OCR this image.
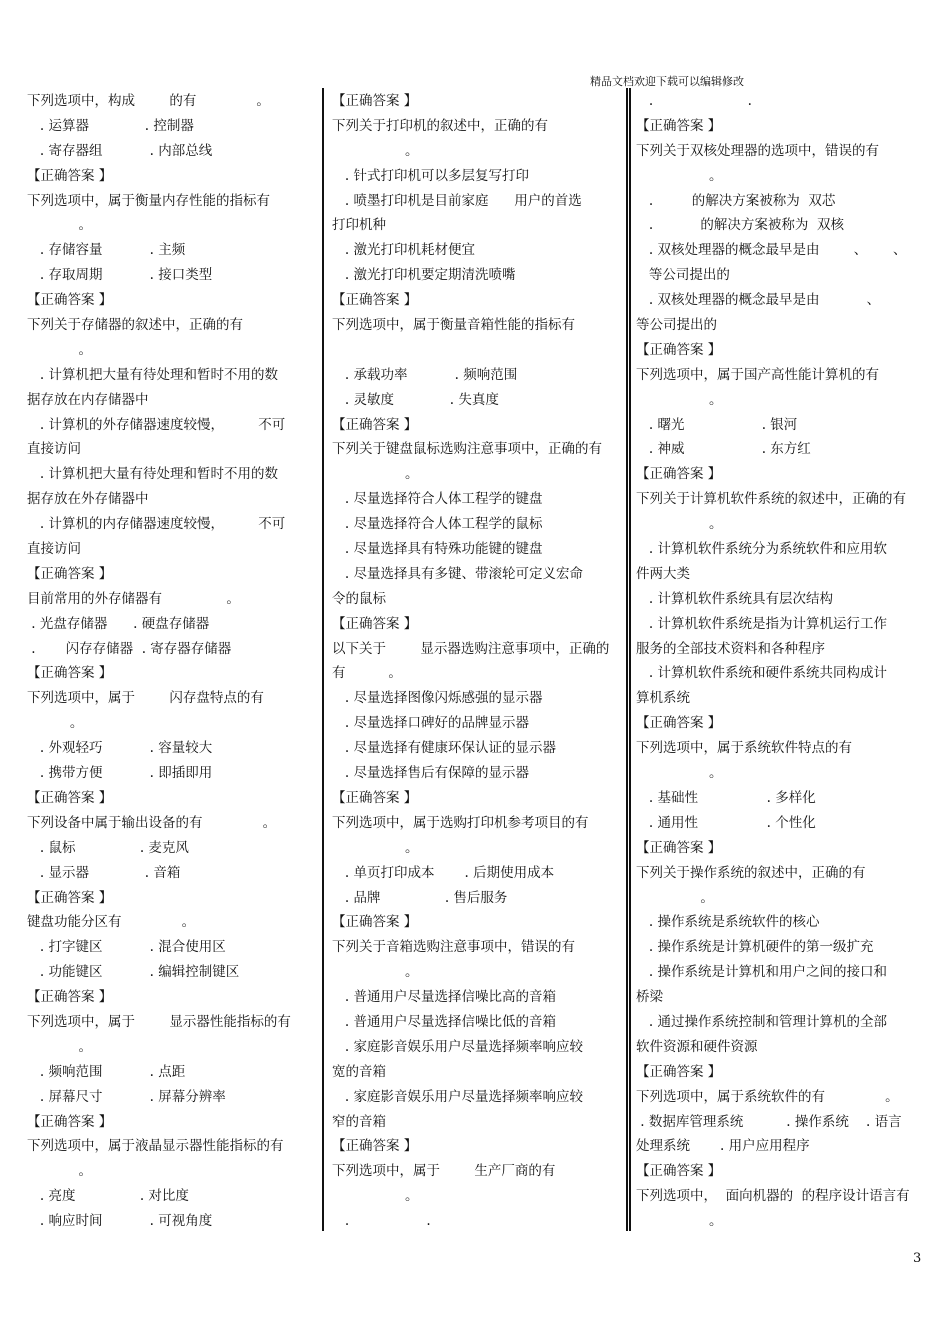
精品文档欢迎下载可以编辑修改
下列选项中，构成        的有              。
. 运算器             . 控制器
. 寄存器组           . 内部总线
【正确答案 】
下列选项中，属于衡量内存性能的指标有
。
. 存储容量           . 主频
. 存取周期           . 接口类型
【正确答案 】
下列关于存储器的叙述中，正确的有
。
. 计算机把大量有待处理和暂时不用的数
据存放在内存储器中
. 计算机的外存储器速度较慢，        不可
直接访问
. 计算机把大量有待处理和暂时不用的数
据存放在外存储器中
. 计算机的内存储器速度较慢，        不可
直接访问
【正确答案 】
目前常用的外存储器有               。
. 光盘存储器      . 硬盘存储器
.       闪存存储器  . 寄存器存储器
【正确答案 】
下列选项中，属于        闪存盘特点的有
。
. 外观轻巧           . 容量较大
. 携带方便           . 即插即用
【正确答案 】
下列设备中属于输出设备的有              。
. 鼠标               . 麦克风
. 显示器             . 音箱
【正确答案 】
键盘功能分区有              。
. 打字键区           . 混合使用区
. 功能键区           . 编辑控制键区
【正确答案 】
下列选项中，属于        显示器性能指标的有
。
. 频响范围           . 点距
. 屏幕尺寸           . 屏幕分辨率
【正确答案 】
下列选项中，属于液晶显示器性能指标的有
。
. 亮度               . 对比度
. 响应时间           . 可视角度
【正确答案 】
下列关于打印机的叙述中，正确的有
。
. 针式打印机可以多层复写打印
. 喷墨打印机是目前家庭      用户的首选
打印机种
. 激光打印机耗材便宜
. 激光打印机要定期清洗喷嘴
【正确答案 】
下列选项中，属于衡量音箱性能的指标有
. 承载功率           . 频响范围
. 灵敏度             . 失真度
【正确答案 】
下列关于键盘鼠标选购注意事项中，正确的有
。
. 尽量选择符合人体工程学的键盘
. 尽量选择符合人体工程学的鼠标
. 尽量选择具有特殊功能键的键盘
. 尽量选择具有多键、带滚轮可定义宏命
令的鼠标
【正确答案 】
以下关于        显示器选购注意事项中，正确的
有          。
. 尽量选择图像闪烁感强的显示器
. 尽量选择口碑好的品牌显示器
. 尽量选择有健康环保认证的显示器
. 尽量选择售后有保障的显示器
【正确答案 】
下列选项中，属于选购打印机参考项目的有
。
. 单页打印成本       . 后期使用成本
. 品牌               . 售后服务
【正确答案 】
下列关于音箱选购注意事项中，错误的有
。
. 普通用户尽量选择信噪比高的音箱
. 普通用户尽量选择信噪比低的音箱
. 家庭影音娱乐用户尽量选择频率响应较
宽的音箱
. 家庭影音娱乐用户尽量选择频率响应较
窄的音箱
【正确答案 】
下列选项中，属于        生产厂商的有
。
.                  .
.                      .
【正确答案 】
下列关于双核处理器的选项中，错误的有
。
.         的解决方案被称为  双芯
.           的解决方案被称为  双核
. 双核处理器的概念最早是由        、      、
等公司提出的
. 双核处理器的概念最早是由           、
等公司提出的
【正确答案 】
下列选项中，属于国产高性能计算机的有
。
. 曙光                  . 银河
. 神威                  . 东方红
【正确答案 】
下列关于计算机软件系统的叙述中，正确的有
。
. 计算机软件系统分为系统软件和应用软
件两大类
. 计算机软件系统具有层次结构
. 计算机软件系统是指为计算机运行工作
服务的全部技术资料和各种程序
. 计算机软件系统和硬件系统共同构成计
算机系统
【正确答案 】
下列选项中，属于系统软件特点的有
。
. 基础性                . 多样化
. 通用性                . 个性化
【正确答案 】
下列关于操作系统的叙述中，正确的有
。
. 操作系统是系统软件的核心
. 操作系统是计算机硬件的第一级扩充
. 操作系统是计算机和用户之间的接口和
桥梁
. 通过操作系统控制和管理计算机的全部
软件资源和硬件资源
【正确答案 】
下列选项中，属于系统软件的有              。
. 数据库管理系统          . 操作系统    . 语言
处理系统       . 用户应用程序
【正确答案 】
下列选项中，  面向机器的  的程序设计语言有
。
3
